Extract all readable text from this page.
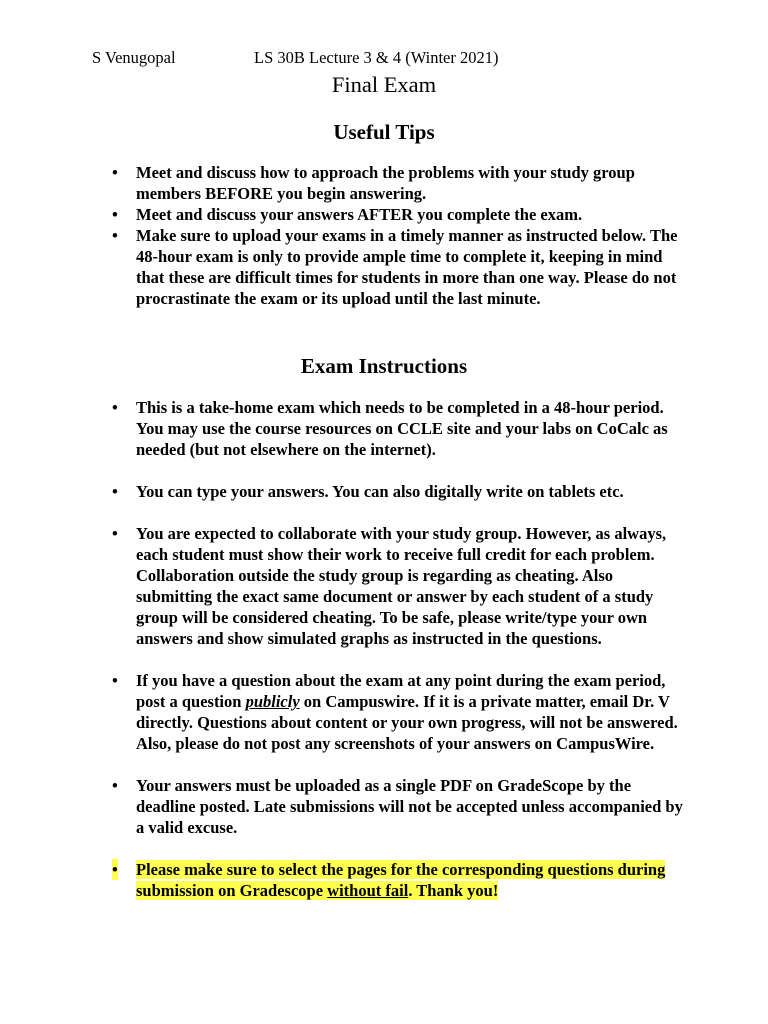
S Venugopal	LS 30B Lecture 3 & 4 (Winter 2021)
Final Exam
Useful Tips
• Meet and discuss how to approach the problems with your study group members BEFORE you begin answering.
• Meet and discuss your answers AFTER you complete the exam.
• Make sure to upload your exams in a timely manner as instructed below. The 48-hour exam is only to provide ample time to complete it, keeping in mind that these are difficult times for students in more than one way. Please do not procrastinate the exam or its upload until the last minute.
Exam Instructions
• This is a take-home exam which needs to be completed in a 48-hour period. You may use the course resources on CCLE site and your labs on CoCalc as needed (but not elsewhere on the internet).
• You can type your answers. You can also digitally write on tablets etc.
• You are expected to collaborate with your study group. However, as always, each student must show their work to receive full credit for each problem. Collaboration outside the study group is regarding as cheating. Also submitting the exact same document or answer by each student of a study group will be considered cheating. To be safe, please write/type your own answers and show simulated graphs as instructed in the questions.
• If you have a question about the exam at any point during the exam period, post a question publicly on Campuswire. If it is a private matter, email Dr. V directly. Questions about content or your own progress, will not be answered. Also, please do not post any screenshots of your answers on CampusWire.
• Your answers must be uploaded as a single PDF on GradeScope by the deadline posted. Late submissions will not be accepted unless accompanied by a valid excuse.
• Please make sure to select the pages for the corresponding questions during submission on Gradescope without fail. Thank you!
